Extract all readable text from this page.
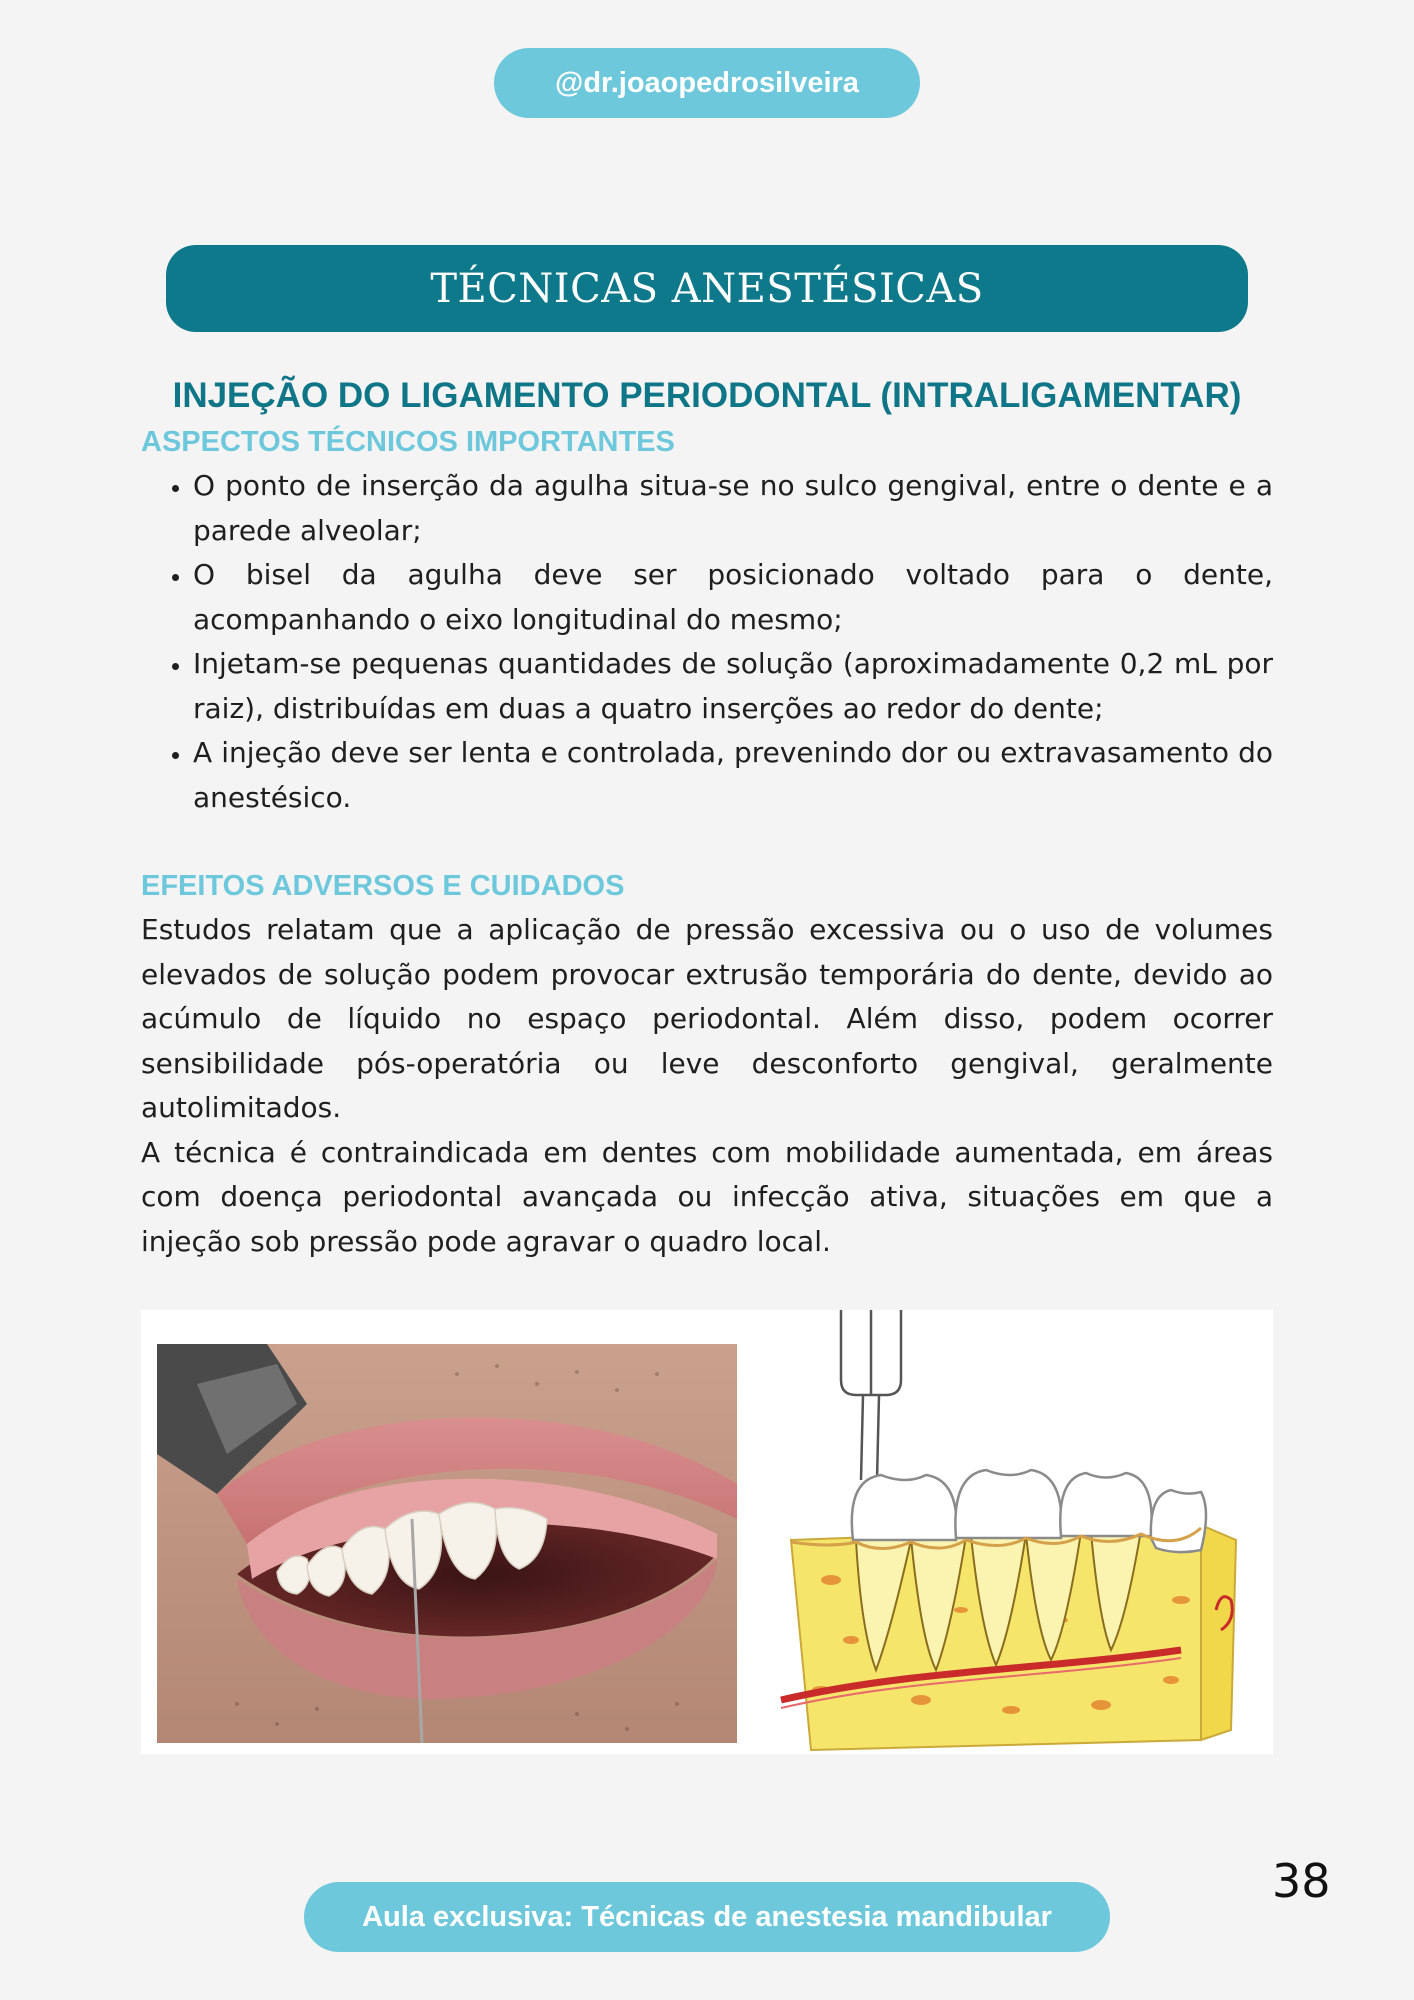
@dr.joaopedrosilveira
TÉCNICAS ANESTÉSICAS
INJEÇÃO DO LIGAMENTO PERIODONTAL (INTRALIGAMENTAR)
ASPECTOS TÉCNICOS IMPORTANTES
• O ponto de inserção da agulha situa-se no sulco gengival, entre o dente e a parede alveolar;
• O bisel da agulha deve ser posicionado voltado para o dente, acompanhando o eixo longitudinal do mesmo;
• Injetam-se pequenas quantidades de solução (aproximadamente 0,2 mL por raiz), distribuídas em duas a quatro inserções ao redor do dente;
• A injeção deve ser lenta e controlada, prevenindo dor ou extravasamento do anestésico.
EFEITOS ADVERSOS E CUIDADOS

Estudos relatam que a aplicação de pressão excessiva ou o uso de volumes elevados de solução podem provocar extrusão temporária do dente, devido ao acúmulo de líquido no espaço periodontal. Além disso, podem ocorrer sensibilidade pós-operatória ou leve desconforto gengival, geralmente autolimitados.

A técnica é contraindicada em dentes com mobilidade aumentada, em áreas com doença periodontal avançada ou infecção ativa, situações em que a injeção sob pressão pode agravar o quadro local.

38
Aula exclusiva: Técnicas de anestesia mandibular
